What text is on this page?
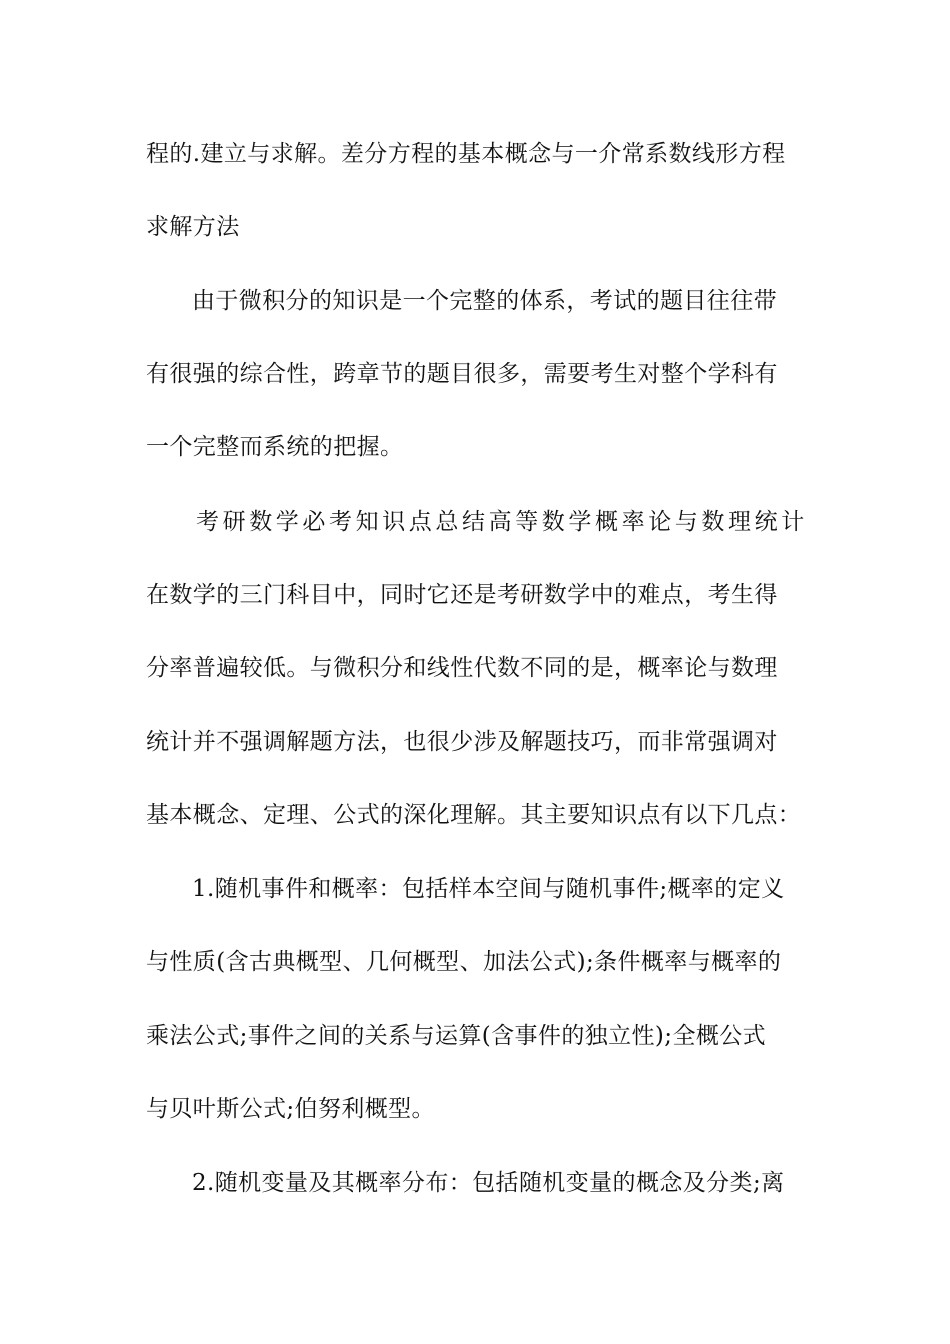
程的.建立与求解。差分方程的基本概念与一介常系数线形方程
求解方法
由于微积分的知识是一个完整的体系，考试的题目往往带
有很强的综合性，跨章节的题目很多，需要考生对整个学科有
一个完整而系统的把握。
考研数学必考知识点总结高等数学概率论与数理统计
在数学的三门科目中，同时它还是考研数学中的难点，考生得
分率普遍较低。与微积分和线性代数不同的是，概率论与数理
统计并不强调解题方法，也很少涉及解题技巧，而非常强调对
基本概念、定理、公式的深化理解。其主要知识点有以下几点：
1.随机事件和概率：包括样本空间与随机事件;概率的定义
与性质(含古典概型、几何概型、加法公式);条件概率与概率的
乘法公式;事件之间的关系与运算(含事件的独立性);全概公式
与贝叶斯公式;伯努利概型。
2.随机变量及其概率分布：包括随机变量的概念及分类;离
